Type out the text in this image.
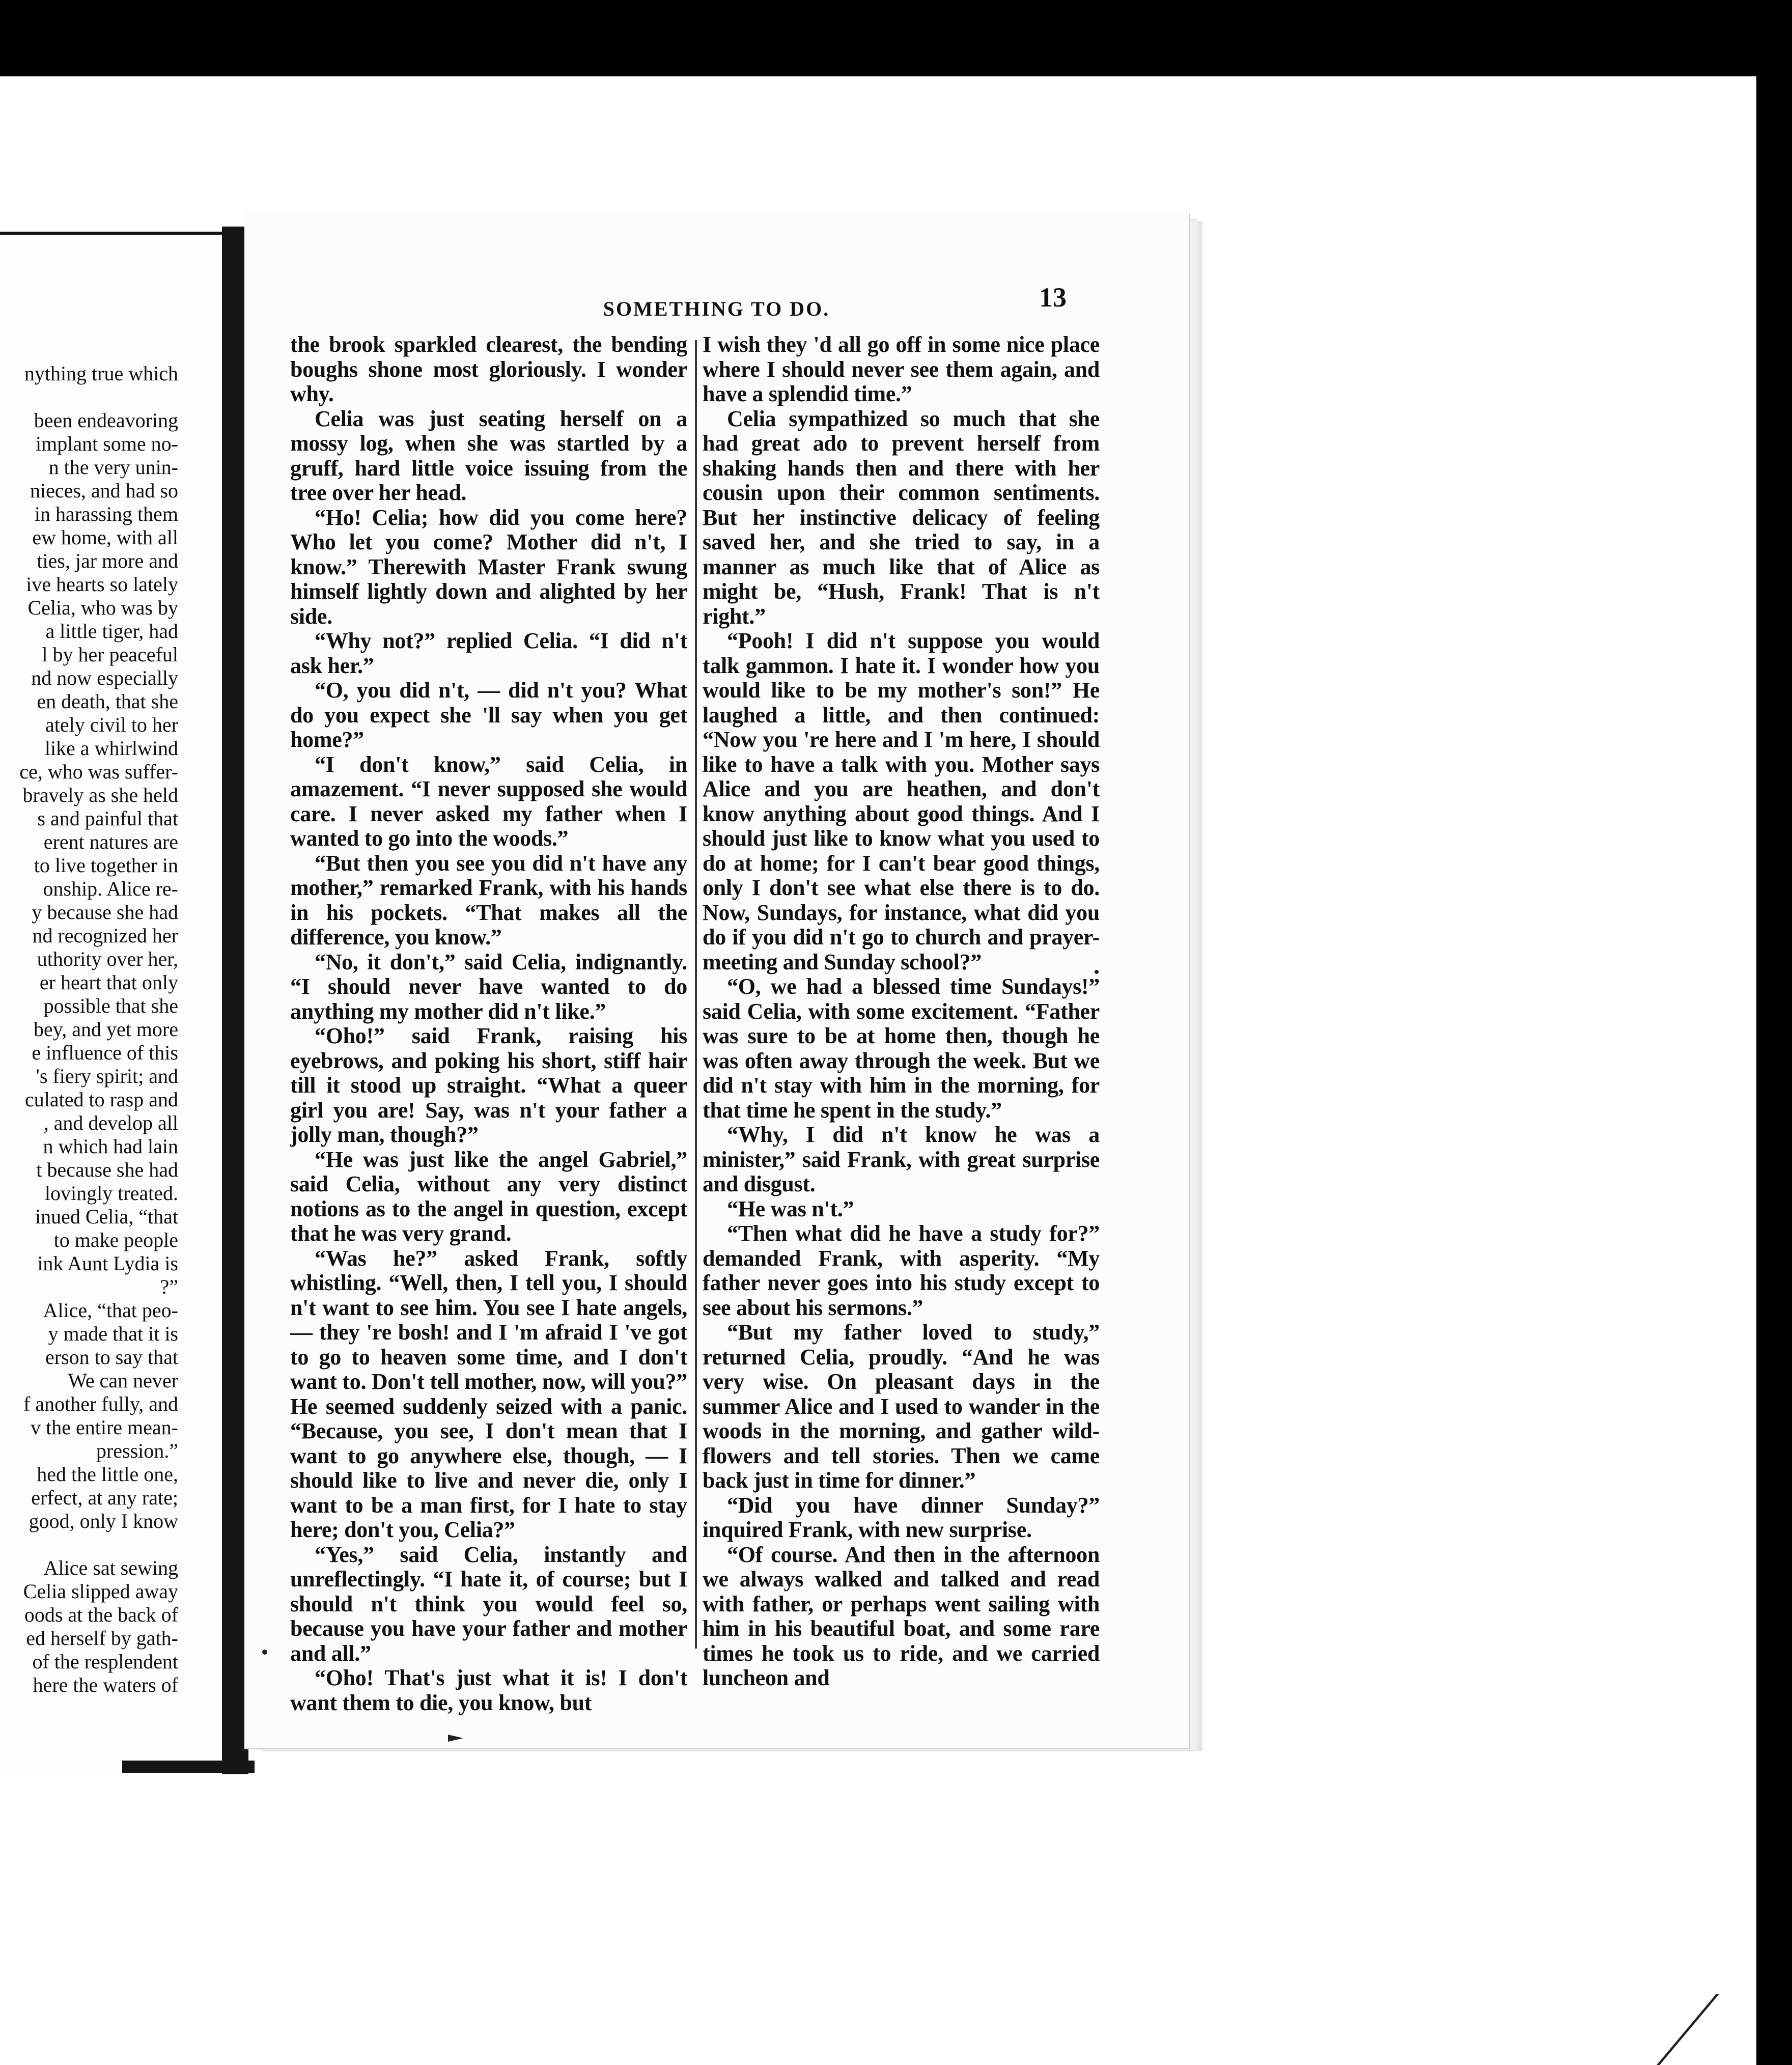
nything true which

been endeavoring

implant some no-

n the very unin-

nieces, and had so

in harassing them

ew home, with all

ties, jar more and

ive hearts so lately

Celia, who was by

a little tiger, had

l by her peaceful

nd now especially

en death, that she

ately civil to her

like a whirlwind

ce, who was suffer-

bravely as she held

s and painful that

erent natures are

to live together in

onship. Alice re-

y because she had

nd recognized her

uthority over her,

er heart that only

possible that she

bey, and yet more

e influence of this

's fiery spirit; and

culated to rasp and

, and develop all

n which had lain

t because she had

lovingly treated.

inued Celia, “that

to make people

ink Aunt Lydia is

?”

Alice, “that peo-

y made that it is

erson to say that

We can never

f another fully, and

v the entire mean-

pression.”

hed the little one,

erfect, at any rate;

good, only I know

Alice sat sewing

Celia slipped away

oods at the back of

ed herself by gath-

of the resplendent

here the waters of

SOMETHING TO DO.	13

the brook sparkled clearest, the bending boughs shone most gloriously. I wonder why.

Celia was just seating herself on a mossy log, when she was startled by a gruff, hard little voice issuing from the tree over her head.

“Ho! Celia; how did you come here? Who let you come? Mother did n't, I know.” Therewith Master Frank swung himself lightly down and alighted by her side.

“Why not?” replied Celia. “I did n't ask her.”

“O, you did n't, — did n't you? What do you expect she 'll say when you get home?”

“I don't know,” said Celia, in amazement. “I never supposed she would care. I never asked my father when I wanted to go into the woods.”

“But then you see you did n't have any mother,” remarked Frank, with his hands in his pockets. “That makes all the difference, you know.”

“No, it don't,” said Celia, indignantly. “I should never have wanted to do anything my mother did n't like.”

“Oho!” said Frank, raising his eyebrows, and poking his short, stiff hair till it stood up straight. “What a queer girl you are! Say, was n't your father a jolly man, though?”

“He was just like the angel Gabriel,” said Celia, without any very distinct notions as to the angel in question, except that he was very grand.

“Was he?” asked Frank, softly whistling. “Well, then, I tell you, I should n't want to see him. You see I hate angels, — they 're bosh! and I 'm afraid I 've got to go to heaven some time, and I don't want to. Don't tell mother, now, will you?” He seemed suddenly seized with a panic. “Because, you see, I don't mean that I want to go anywhere else, though, — I should like to live and never die, only I want to be a man first, for I hate to stay here; don't you, Celia?”

“Yes,” said Celia, instantly and unreflectingly. “I hate it, of course; but I should n't think you would feel so, because you have your father and mother and all.”

“Oho! That's just what it is! I don't want them to die, you know, but

I wish they 'd all go off in some nice place where I should never see them again, and have a splendid time.”

Celia sympathized so much that she had great ado to prevent herself from shaking hands then and there with her cousin upon their common sentiments. But her instinctive delicacy of feeling saved her, and she tried to say, in a manner as much like that of Alice as might be, “Hush, Frank! That is n't right.”

“Pooh! I did n't suppose you would talk gammon. I hate it. I wonder how you would like to be my mother's son!” He laughed a little, and then continued: “Now you 're here and I 'm here, I should like to have a talk with you. Mother says Alice and you are heathen, and don't know anything about good things. And I should just like to know what you used to do at home; for I can't bear good things, only I don't see what else there is to do. Now, Sundays, for instance, what did you do if you did n't go to church and prayer-meeting and Sunday school?”

“O, we had a blessed time Sundays!” said Celia, with some excitement. “Father was sure to be at home then, though he was often away through the week. But we did n't stay with him in the morning, for that time he spent in the study.”

“Why, I did n't know he was a minister,” said Frank, with great surprise and disgust.

“He was n't.”

“Then what did he have a study for?” demanded Frank, with asperity. “My father never goes into his study except to see about his sermons.”

“But my father loved to study,” returned Celia, proudly. “And he was very wise. On pleasant days in the summer Alice and I used to wander in the woods in the morning, and gather wild-flowers and tell stories. Then we came back just in time for dinner.”

“Did you have dinner Sunday?” inquired Frank, with new surprise.

“Of course. And then in the afternoon we always walked and talked and read with father, or perhaps went sailing with him in his beautiful boat, and some rare times he took us to ride, and we carried luncheon and
